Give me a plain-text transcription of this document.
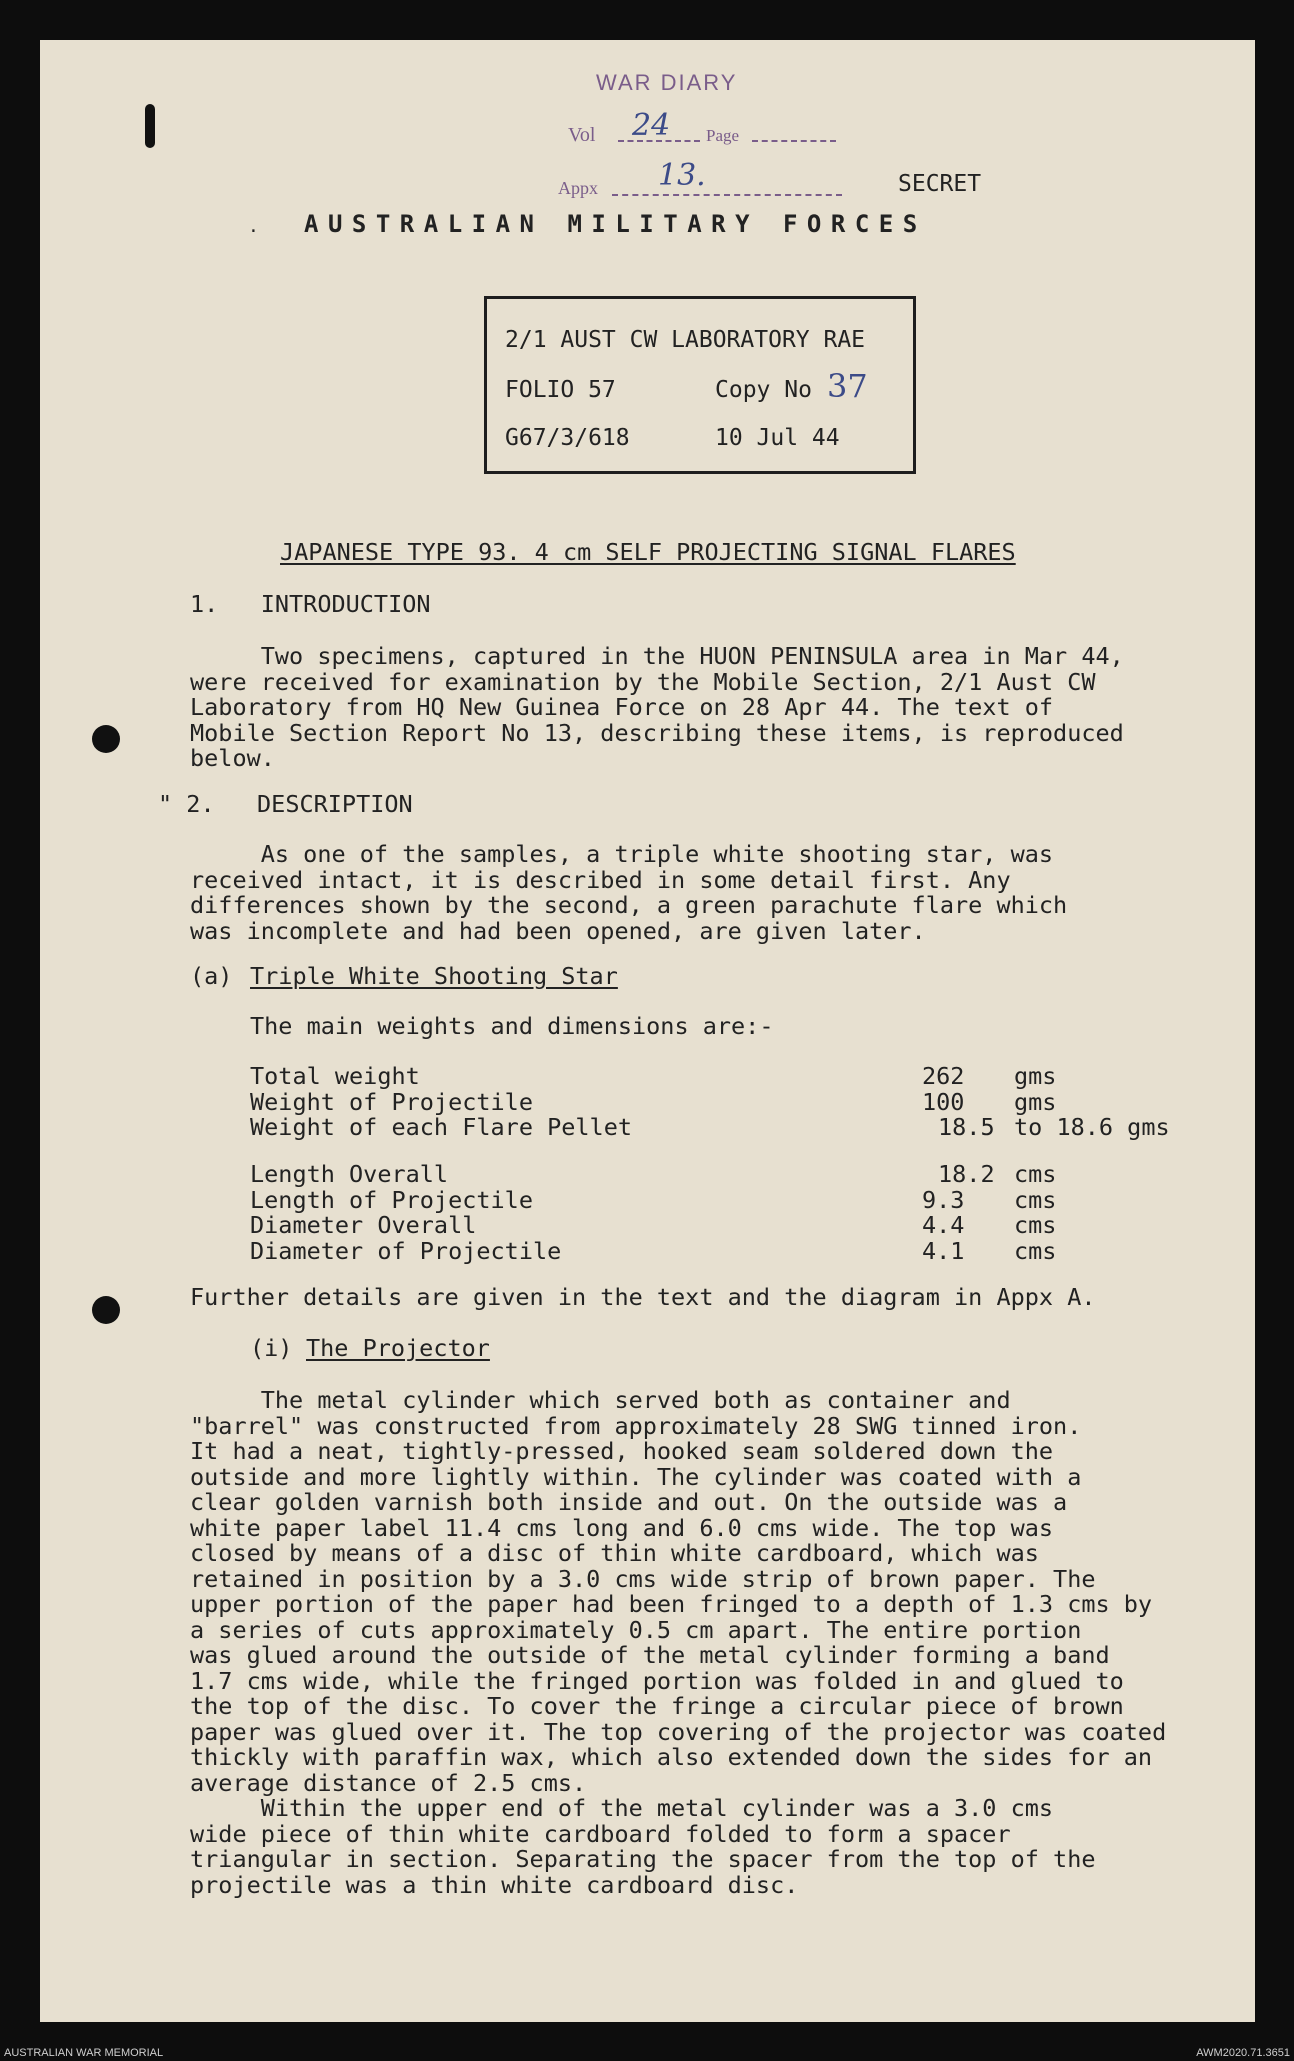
WAR DIARY
Vol 24 Page
Appx 13.	SECRET
. AUSTRALIAN MILITARY FORCES
2/1 AUST CW LABORATORY RAE
FOLIO 57	Copy No 37
G67/3/618	10 Jul 44
JAPANESE TYPE 93. 4 cm SELF PROJECTING SIGNAL FLARES
1.   INTRODUCTION
Two specimens, captured in the HUON PENINSULA area in Mar 44,
were received for examination by the Mobile Section, 2/1 Aust CW
Laboratory from HQ New Guinea Force on 28 Apr 44. The text of
Mobile Section Report No 13, describing these items, is reproduced
below.
" 2.   DESCRIPTION
As one of the samples, a triple white shooting star, was
received intact, it is described in some detail first. Any
differences shown by the second, a green parachute flare which
was incomplete and had been opened, are given later.
(a) Triple White Shooting Star
The main weights and dimensions are:-
Total weight	262 gms
Weight of Projectile	100 gms
Weight of each Flare Pellet	18.5 to 18.6 gms
Length Overall	18.2 cms
Length of Projectile	9.3 cms
Diameter Overall	4.4 cms
Diameter of Projectile	4.1 cms
Further details are given in the text and the diagram in Appx A.
(i) The Projector
The metal cylinder which served both as container and
"barrel" was constructed from approximately 28 SWG tinned iron.
It had a neat, tightly-pressed, hooked seam soldered down the
outside and more lightly within. The cylinder was coated with a
clear golden varnish both inside and out. On the outside was a
white paper label 11.4 cms long and 6.0 cms wide. The top was
closed by means of a disc of thin white cardboard, which was
retained in position by a 3.0 cms wide strip of brown paper. The
upper portion of the paper had been fringed to a depth of 1.3 cms by
a series of cuts approximately 0.5 cm apart. The entire portion
was glued around the outside of the metal cylinder forming a band
1.7 cms wide, while the fringed portion was folded in and glued to
the top of the disc. To cover the fringe a circular piece of brown
paper was glued over it. The top covering of the projector was coated
thickly with paraffin wax, which also extended down the sides for an
average distance of 2.5 cms.
Within the upper end of the metal cylinder was a 3.0 cms
wide piece of thin white cardboard folded to form a spacer
triangular in section. Separating the spacer from the top of the
projectile was a thin white cardboard disc.
AUSTRALIAN WAR MEMORIAL	AWM2020.71.3651
